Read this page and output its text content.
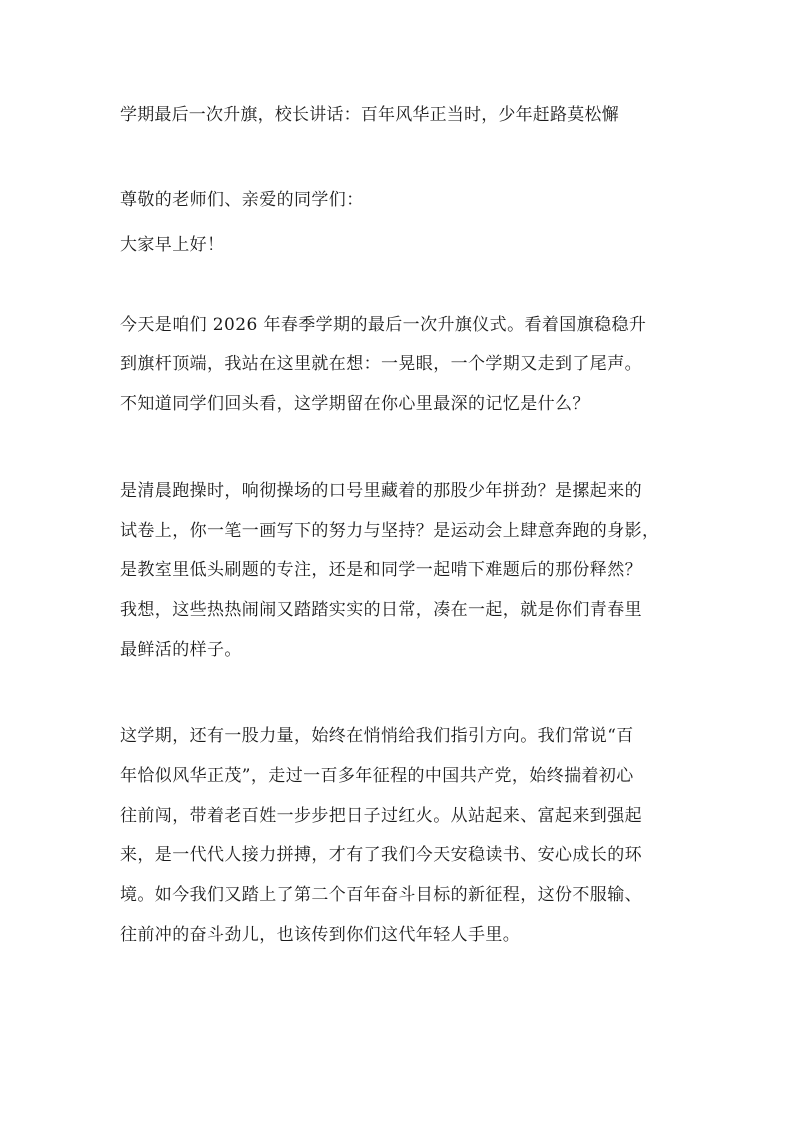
学期最后一次升旗，校长讲话：百年风华正当时，少年赶路莫松懈
尊敬的老师们、亲爱的同学们：
大家早上好！
今天是咱们 2026 年春季学期的最后一次升旗仪式。看着国旗稳稳升
到旗杆顶端，我站在这里就在想：一晃眼，一个学期又走到了尾声。
不知道同学们回头看，这学期留在你心里最深的记忆是什么？
是清晨跑操时，响彻操场的口号里藏着的那股少年拼劲？是摞起来的
试卷上，你一笔一画写下的努力与坚持？是运动会上肆意奔跑的身影，
是教室里低头刷题的专注，还是和同学一起啃下难题后的那份释然？
我想，这些热热闹闹又踏踏实实的日常，凑在一起，就是你们青春里
最鲜活的样子。
这学期，还有一股力量，始终在悄悄给我们指引方向。我们常说“百
年恰似风华正茂”，走过一百多年征程的中国共产党，始终揣着初心
往前闯，带着老百姓一步步把日子过红火。从站起来、富起来到强起
来，是一代代人接力拼搏，才有了我们今天安稳读书、安心成长的环
境。如今我们又踏上了第二个百年奋斗目标的新征程，这份不服输、
往前冲的奋斗劲儿，也该传到你们这代年轻人手里。
